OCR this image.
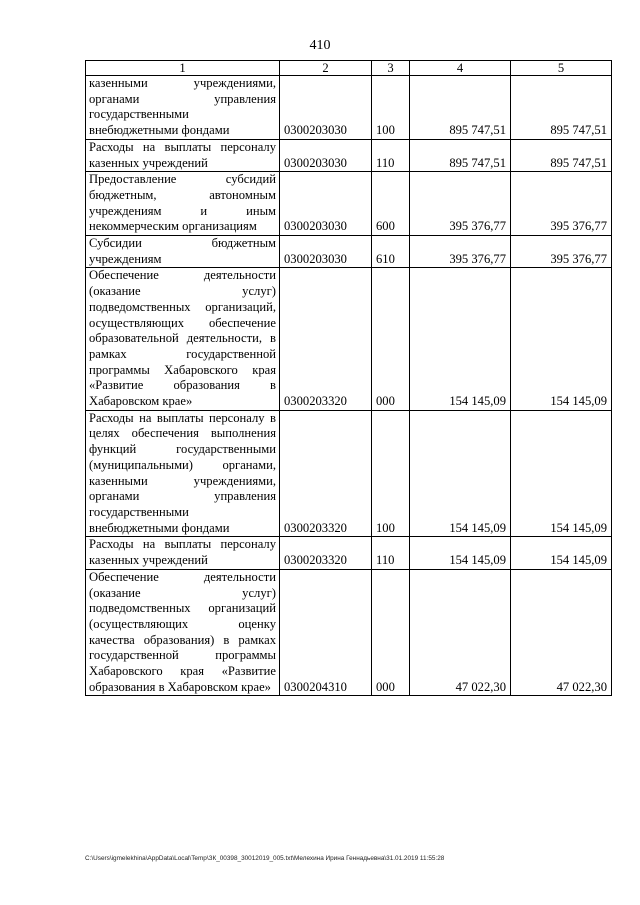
410
1	2	3	4	5
казенными учреждениями, органами управления государственными внебюджетными фондами	0300203030	100	895 747,51	895 747,51
Расходы на выплаты персоналу казенных учреждений	0300203030	110	895 747,51	895 747,51
Предоставление субсидий бюджетным, автономным учреждениям и иным некоммерческим организациям	0300203030	600	395 376,77	395 376,77
Субсидии бюджетным учреждениям	0300203030	610	395 376,77	395 376,77
Обеспечение деятельности (оказание услуг) подведомственных организаций, осуществляющих обеспечение образовательной деятельности, в рамках государственной программы Хабаровского края «Развитие образования в Хабаровском крае»	0300203320	000	154 145,09	154 145,09
Расходы на выплаты персоналу в целях обеспечения выполнения функций государственными (муниципальными) органами, казенными учреждениями, органами управления государственными внебюджетными фондами	0300203320	100	154 145,09	154 145,09
Расходы на выплаты персоналу казенных учреждений	0300203320	110	154 145,09	154 145,09
Обеспечение деятельности (оказание услуг) подведомственных организаций (осуществляющих оценку качества образования) в рамках государственной программы Хабаровского края «Развитие образования в Хабаровском крае»	0300204310	000	47 022,30	47 022,30
C:\Users\igmelekhina\AppData\Local\Temp\ЗК_00398_30012019_005.txt\Мелехина Ирина Геннадьевна\31.01.2019 11:55:28
